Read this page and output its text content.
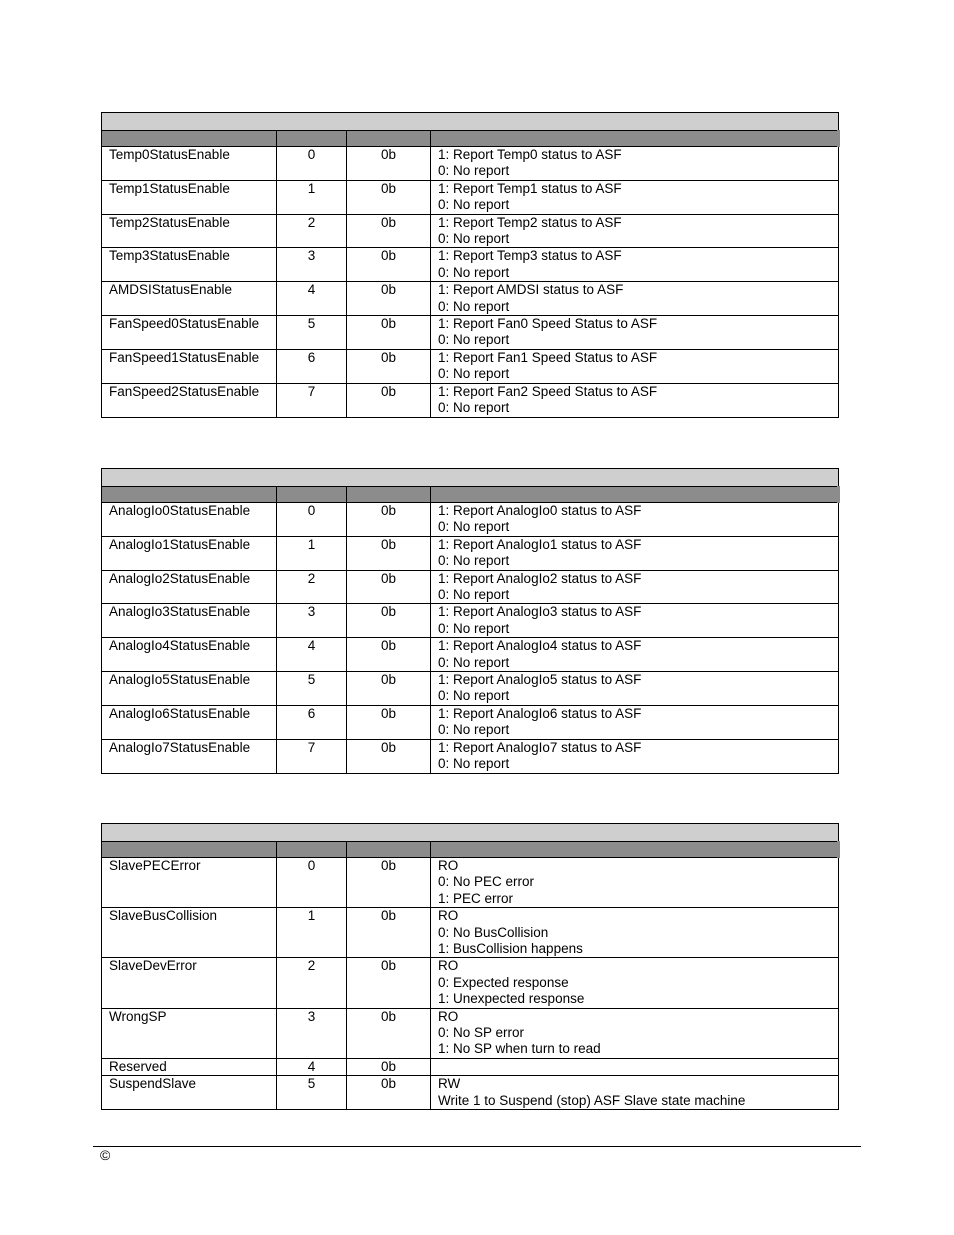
Temp0StatusEnable	0	0b	1: Report Temp0 status to ASF
0: No report

Temp1StatusEnable	1	0b	1: Report Temp1 status to ASF
0: No report

Temp2StatusEnable	2	0b	1: Report Temp2 status to ASF
0: No report

Temp3StatusEnable	3	0b	1: Report Temp3 status to ASF
0: No report

AMDSIStatusEnable	4	0b	1: Report AMDSI status to ASF
0: No report

FanSpeed0StatusEnable	5	0b	1: Report Fan0 Speed Status to ASF
0: No report

FanSpeed1StatusEnable	6	0b	1: Report Fan1 Speed Status to ASF
0: No report

FanSpeed2StatusEnable	7	0b	1: Report Fan2 Speed Status to ASF
0: No report

AnalogIo0StatusEnable	0	0b	1: Report AnalogIo0 status to ASF
0: No report

AnalogIo1StatusEnable	1	0b	1: Report AnalogIo1 status to ASF
0: No report

AnalogIo2StatusEnable	2	0b	1: Report AnalogIo2 status to ASF
0: No report

AnalogIo3StatusEnable	3	0b	1: Report AnalogIo3 status to ASF
0: No report

AnalogIo4StatusEnable	4	0b	1: Report AnalogIo4 status to ASF
0: No report

AnalogIo5StatusEnable	5	0b	1: Report AnalogIo5 status to ASF
0: No report

AnalogIo6StatusEnable	6	0b	1: Report AnalogIo6 status to ASF
0: No report

AnalogIo7StatusEnable	7	0b	1: Report AnalogIo7 status to ASF
0: No report

SlavePECError	0	0b	RO
0: No PEC error
1: PEC error

SlaveBusCollision	1	0b	RO
0: No BusCollision
1: BusCollision happens

SlaveDevError	2	0b	RO
0: Expected response
1: Unexpected response

WrongSP	3	0b	RO
0: No SP error
1: No SP when turn to read

Reserved	4	0b	
SuspendSlave	5	0b	RW
Write 1 to Suspend (stop) ASF Slave state machine
©
